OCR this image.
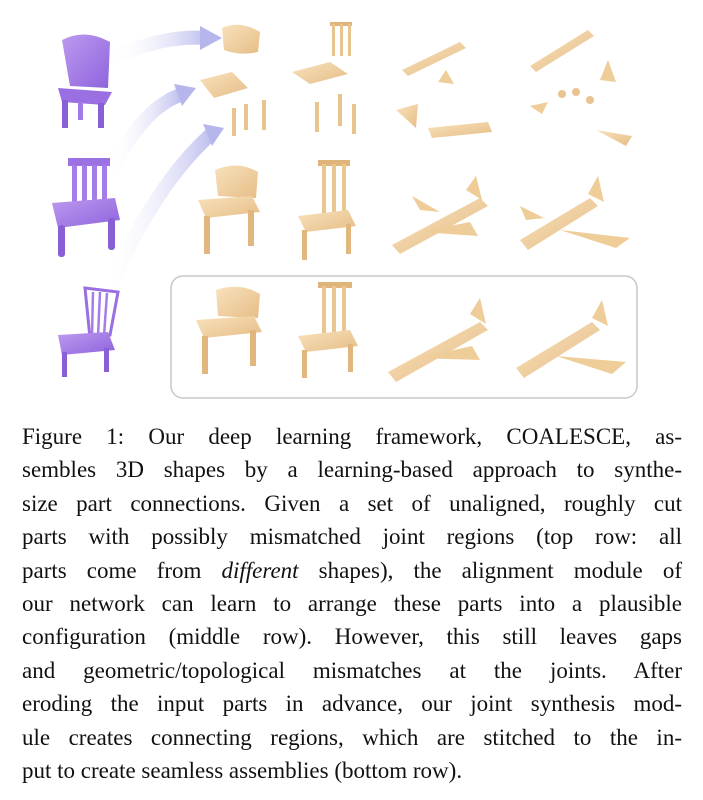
Figure 1: Our deep learning framework, COALESCE, as-
sembles 3D shapes by a learning-based approach to synthe-
size part connections. Given a set of unaligned, roughly cut
parts with possibly mismatched joint regions (top row: all
parts come from different shapes), the alignment module of
our network can learn to arrange these parts into a plausible
configuration (middle row). However, this still leaves gaps
and geometric/topological mismatches at the joints. After
eroding the input parts in advance, our joint synthesis mod-
ule creates connecting regions, which are stitched to the in-
put to create seamless assemblies (bottom row).
